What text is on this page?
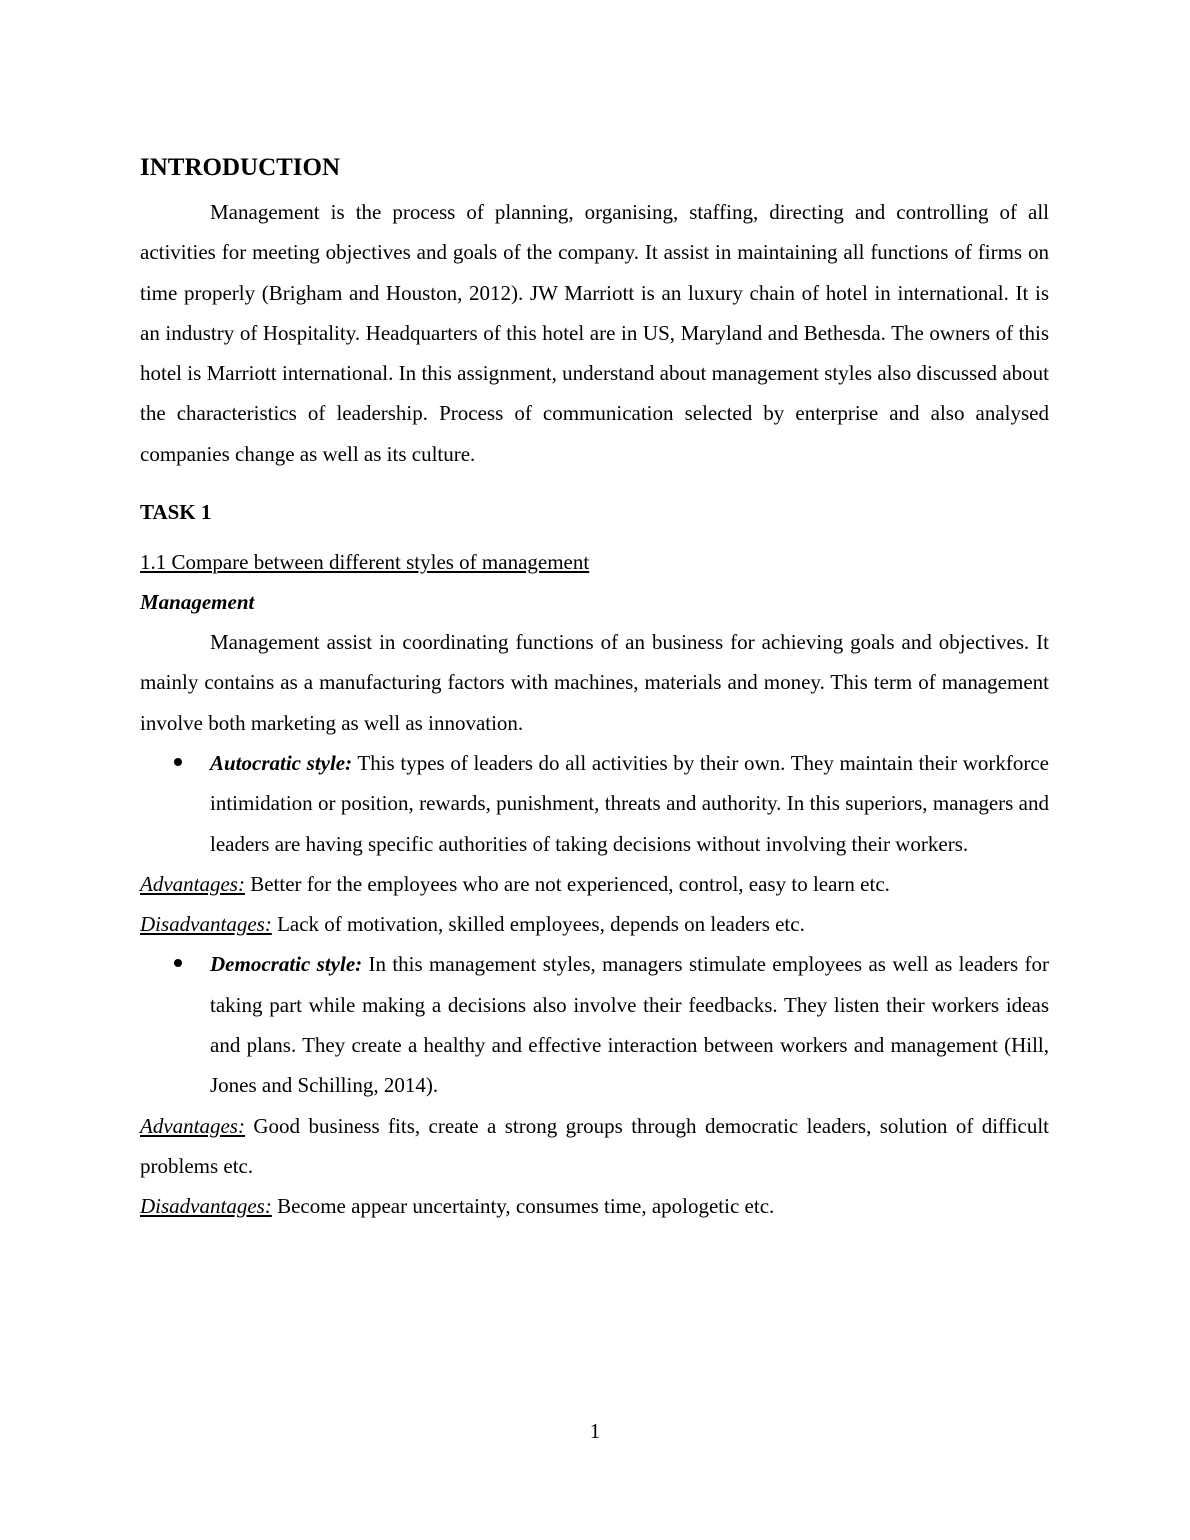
INTRODUCTION

Management is the process of planning, organising, staffing, directing and controlling of all activities for meeting objectives and goals of the company. It assist in maintaining all functions of firms on time properly (Brigham and Houston, 2012). JW Marriott is an luxury chain of hotel in international. It is an industry of Hospitality. Headquarters of this hotel are in US, Maryland and Bethesda. The owners of this hotel is Marriott international. In this assignment, understand about management styles also discussed about the characteristics of leadership. Process of communication selected by enterprise and also analysed companies change as well as its culture.

TASK 1

1.1 Compare between different styles of management

Management

Management assist in coordinating functions of an business for achieving goals and objectives. It mainly contains as a manufacturing factors with machines, materials and money. This term of management involve both marketing as well as innovation.

Autocratic style: This types of leaders do all activities by their own. They maintain their workforce intimidation or position, rewards, punishment, threats and authority. In this superiors, managers and leaders are having specific authorities of taking decisions without involving their workers.

Advantages: Better for the employees who are not experienced, control, easy to learn etc.

Disadvantages: Lack of motivation, skilled employees, depends on leaders etc.

Democratic style: In this management styles, managers stimulate employees as well as leaders for taking part while making a decisions also involve their feedbacks. They listen their workers ideas and plans. They create a healthy and effective interaction between workers and management (Hill, Jones and Schilling, 2014).

Advantages: Good business fits, create a strong groups through democratic leaders, solution of difficult problems etc.

Disadvantages: Become appear uncertainty, consumes time, apologetic etc.

1
